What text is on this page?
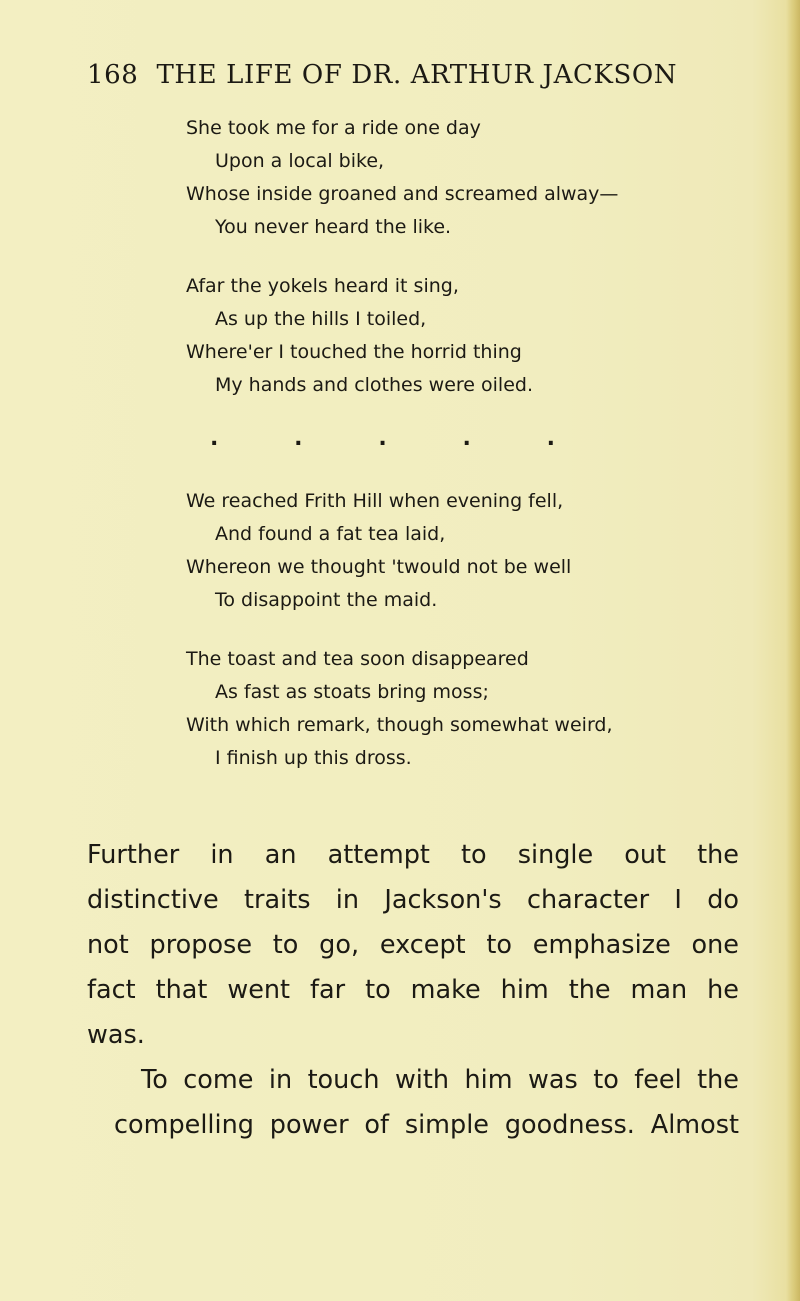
168 THE LIFE OF DR. ARTHUR JACKSON
She took me for a ride one day
Upon a local bike,
Whose inside groaned and screamed alway—
You never heard the like.
Afar the yokels heard it sing,
As up the hills I toiled,
Where'er I touched the horrid thing
My hands and clothes were oiled.
.	.	.	.	.
We reached Frith Hill when evening fell,
And found a fat tea laid,
Whereon we thought 'twould not be well
To disappoint the maid.
The toast and tea soon disappeared
As fast as stoats bring moss;
With which remark, though somewhat weird,
I finish up this dross.

Further in an attempt to single out the
distinctive traits in Jackson's character I do
not propose to go, except to emphasize one
fact that went far to make him the man he
was.

To come in touch with him was to feel the
compelling power of simple goodness. Almost
